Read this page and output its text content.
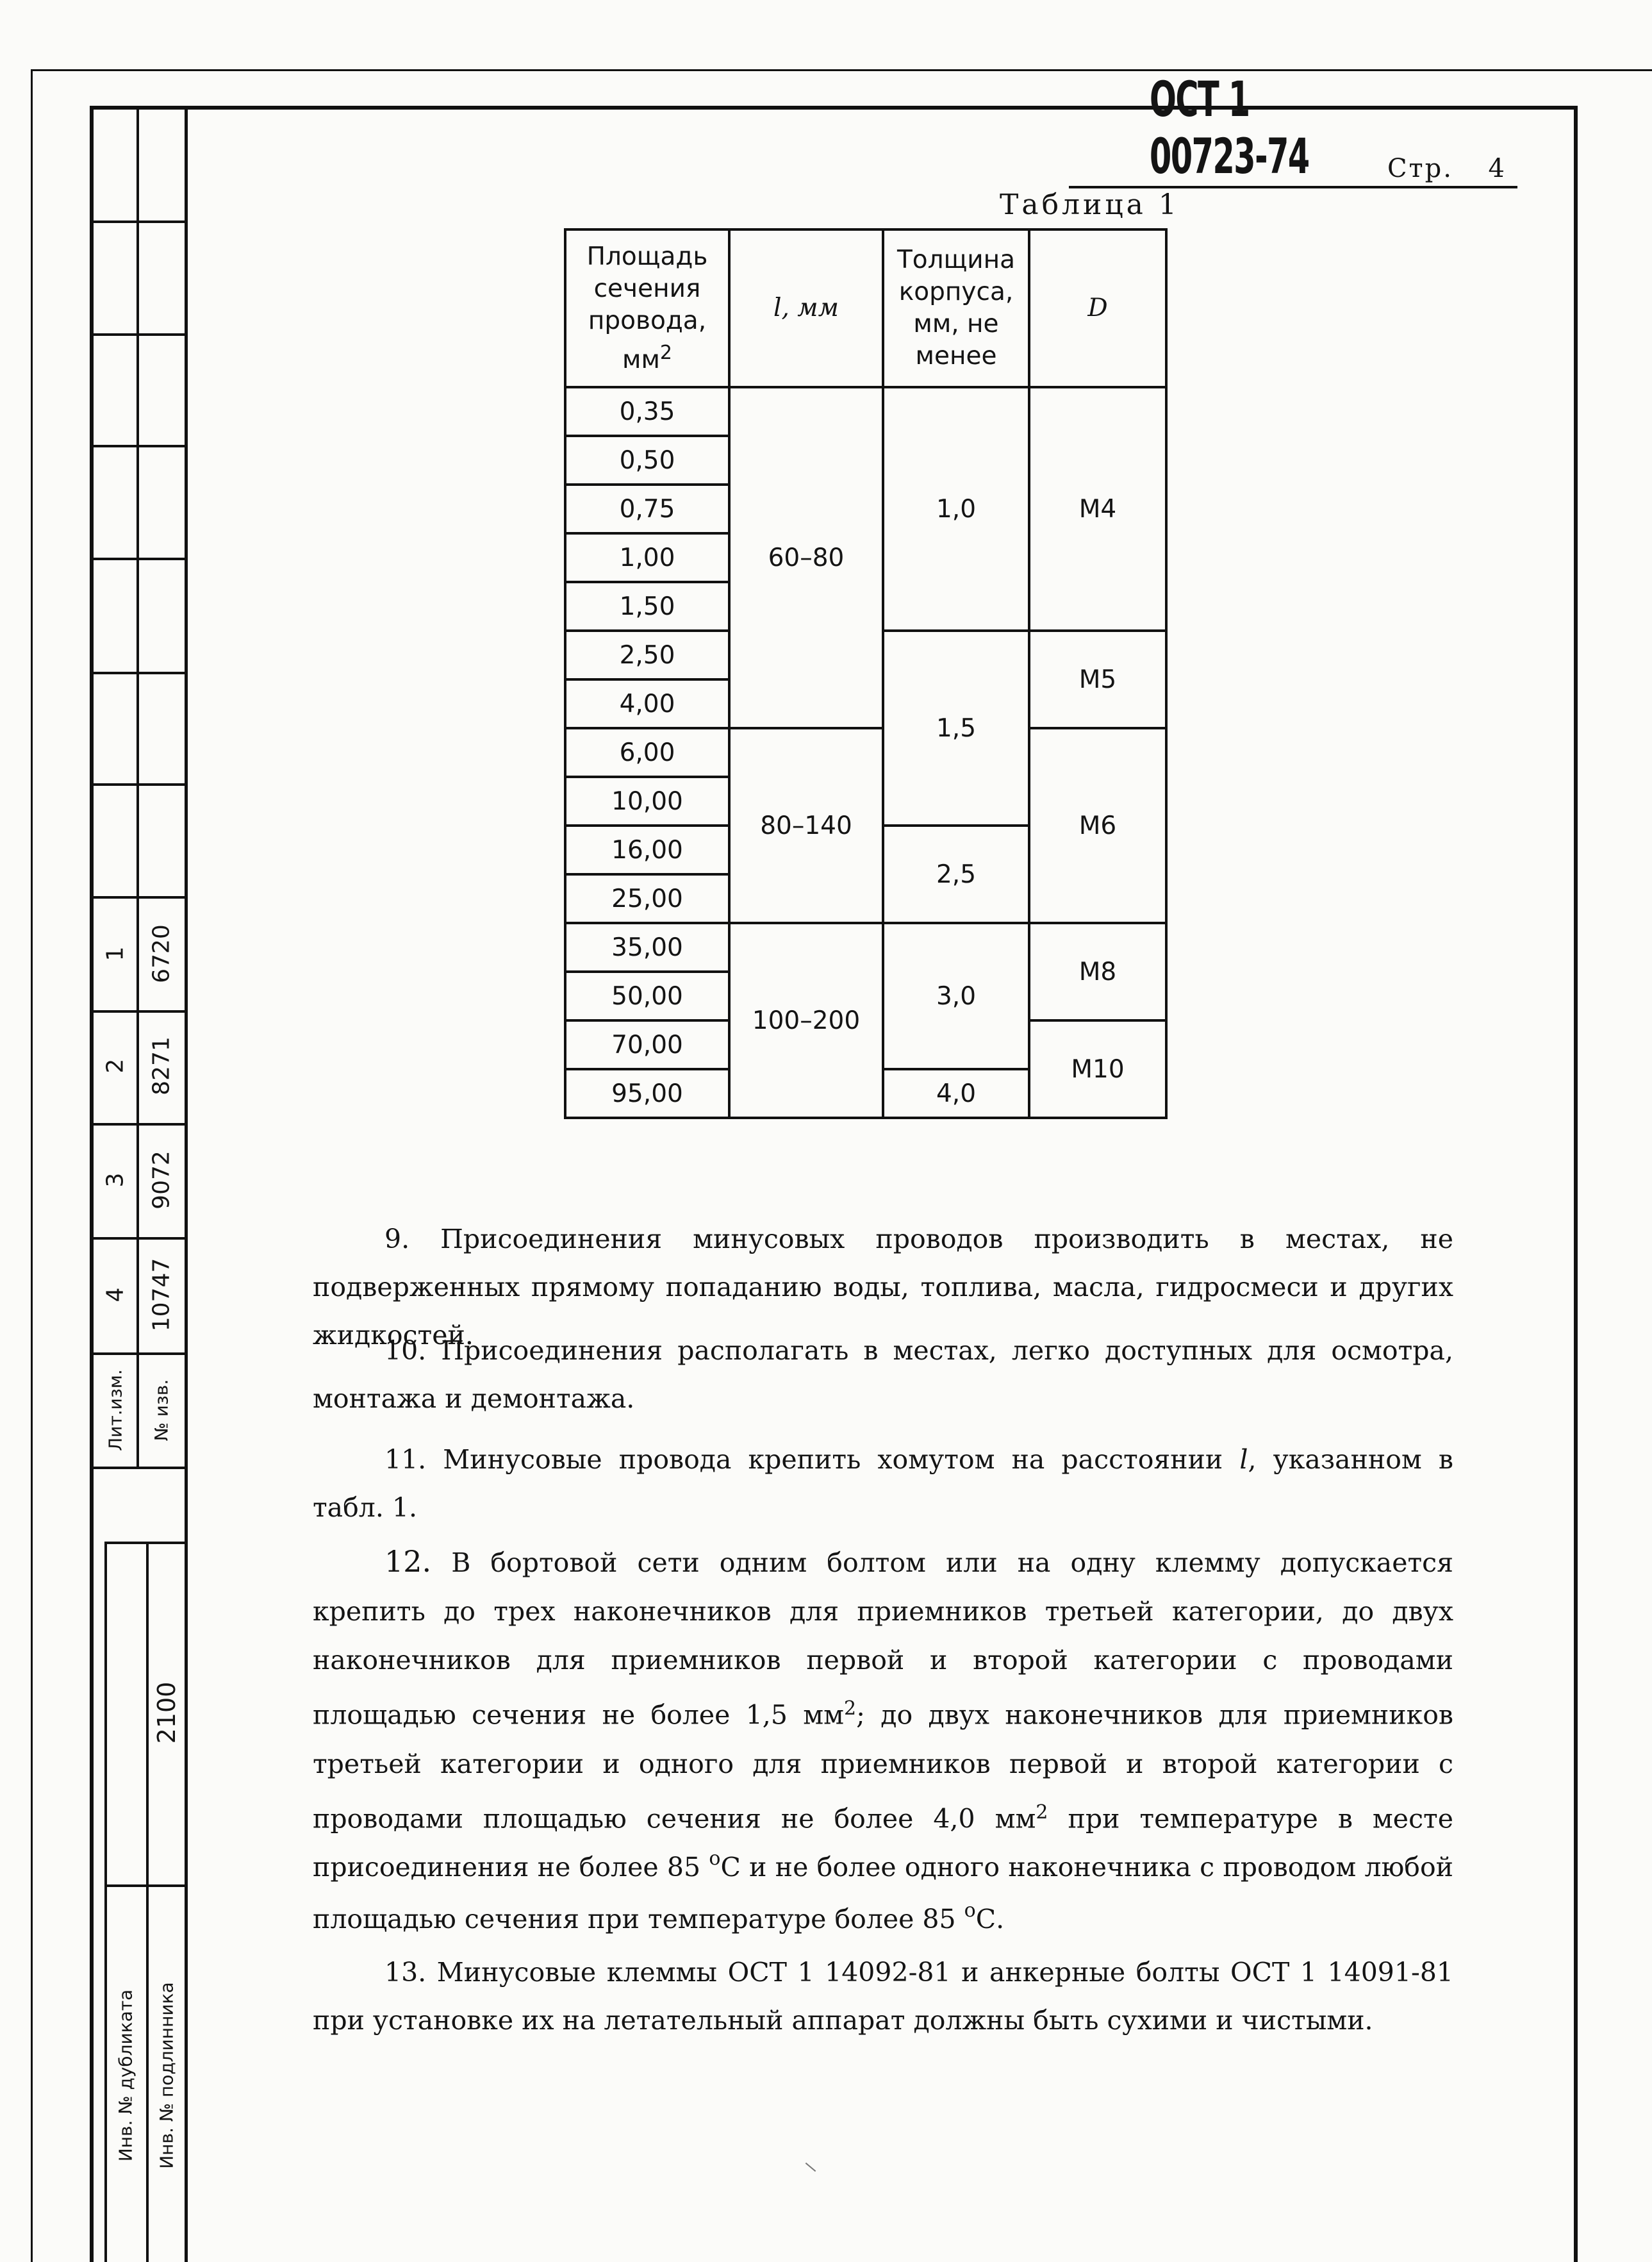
1
2
3
4
6720
8271
9072
10747
Лит.изм. № изв.
2100
Инв. № дубликата Инв. № подлинника
ОСТ 1 00723-74	Стр. 4
Таблица 1
Площадь сечения провода, $мм^2$	l, мм	Толщина корпуса, мм, не менее	D
0,35	60–80	1,0	М4
0,50			
0,75			
1,00			
1,50			
2,50		1,5	М5
4,00			
6,00	80–140		М6
10,00			
16,00		2,5	
25,00			
35,00	100–200	3,0	М8
50,00			
70,00			М10
95,00		4,0	
9. Присоединения минусовых проводов производить в местах, не подверженных прямому попаданию воды, топлива, масла, гидросмеси и других жидкостей.
10. Присоединения располагать в местах, легко доступных для осмотра, монтажа и демонтажа.
11. Минусовые провода крепить хомутом на расстоянии l, указанном в табл. 1.
12. В бортовой сети одним болтом или на одну клемму допускается крепить до трех наконечников для приемников третьей категории, до двух наконечников для приемников первой и второй категории с проводами площадью сечения не более 1,5 $мм^2$; до двух наконечников для приемников третьей категории и одного для приемников первой и второй категории с проводами площадью сечения не более 4,0 $мм^2$ при температуре в месте присоединения не более 85 $^o$С и не более одного наконечника с проводом любой площадью сечения при температуре более 85 $^o$С.
13. Минусовые клеммы ОСТ 1 14092-81 и анкерные болты ОСТ 1 14091-81 при установке их на летательный аппарат должны быть сухими и чистыми.
